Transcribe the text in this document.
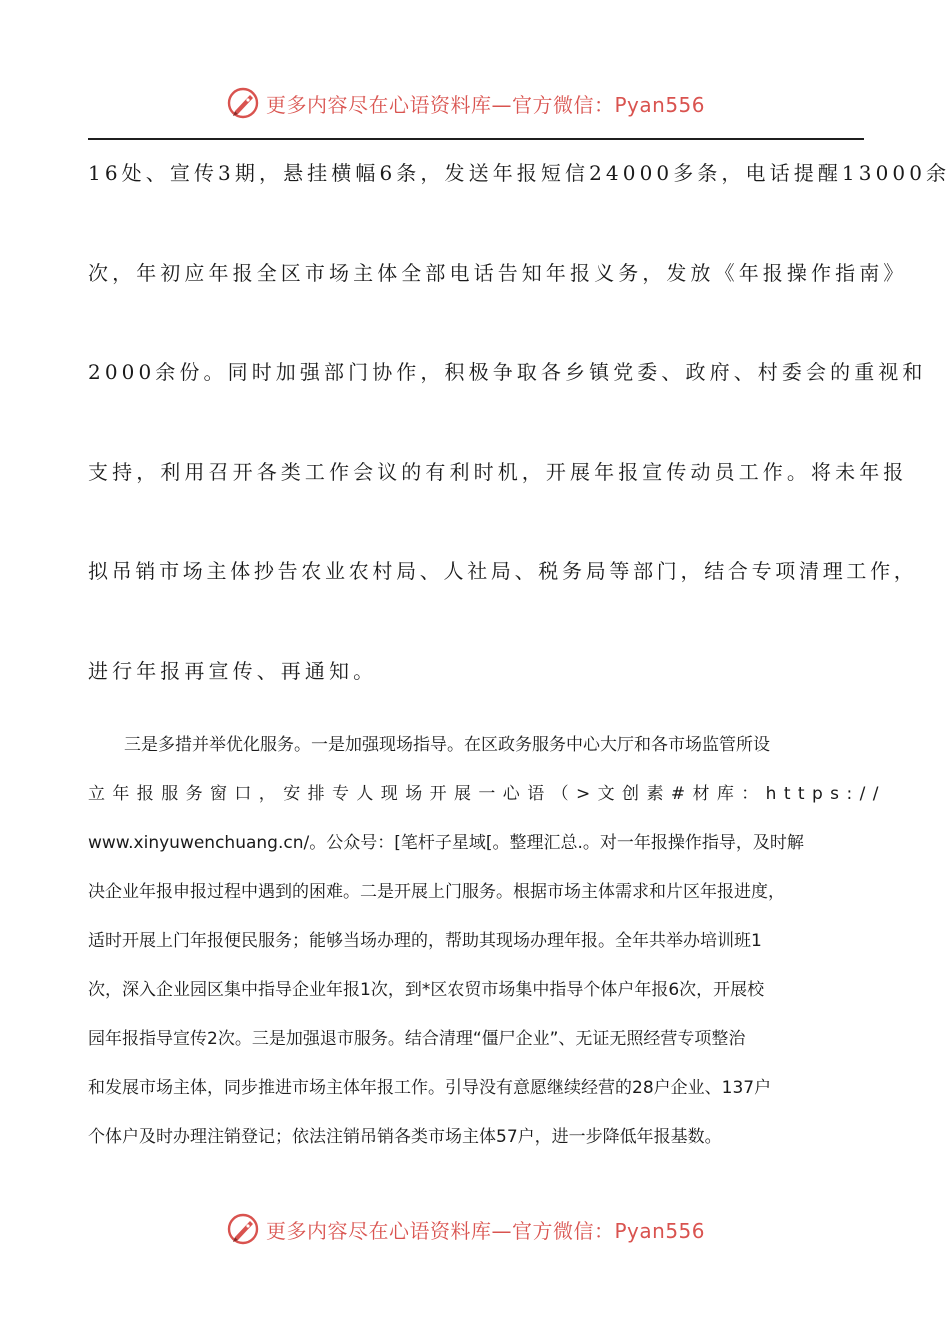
更多内容尽在心语资料库—官方微信：Pyan556
16处、宣传3期，悬挂横幅6条，发送年报短信24000多条，电话提醒13000余
次，年初应年报全区市场主体全部电话告知年报义务，发放《年报操作指南》
2000余份。同时加强部门协作，积极争取各乡镇党委、政府、村委会的重视和
支持，利用召开各类工作会议的有利时机，开展年报宣传动员工作。将未年报
拟吊销市场主体抄告农业农村局、人社局、税务局等部门，结合专项清理工作，
进行年报再宣传、再通知。
三是多措并举优化服务。一是加强现场指导。在区政务服务中心大厅和各市场监管所设
立年报服务窗口，安排专人现场开展一心语（>文创素#材库：https://
www.xinyuwenchuang.cn/。公众号：[笔杆子星域[。整理汇总.。对一年报操作指导，及时解
决企业年报申报过程中遇到的困难。二是开展上门服务。根据市场主体需求和片区年报进度，
适时开展上门年报便民服务；能够当场办理的，帮助其现场办理年报。全年共举办培训班1
次，深入企业园区集中指导企业年报1次，到*区农贸市场集中指导个体户年报6次，开展校
园年报指导宣传2次。三是加强退市服务。结合清理“僵尸企业”、无证无照经营专项整治
和发展市场主体，同步推进市场主体年报工作。引导没有意愿继续经营的28户企业、137户
个体户及时办理注销登记；依法注销吊销各类市场主体57户，进一步降低年报基数。
更多内容尽在心语资料库—官方微信：Pyan556
